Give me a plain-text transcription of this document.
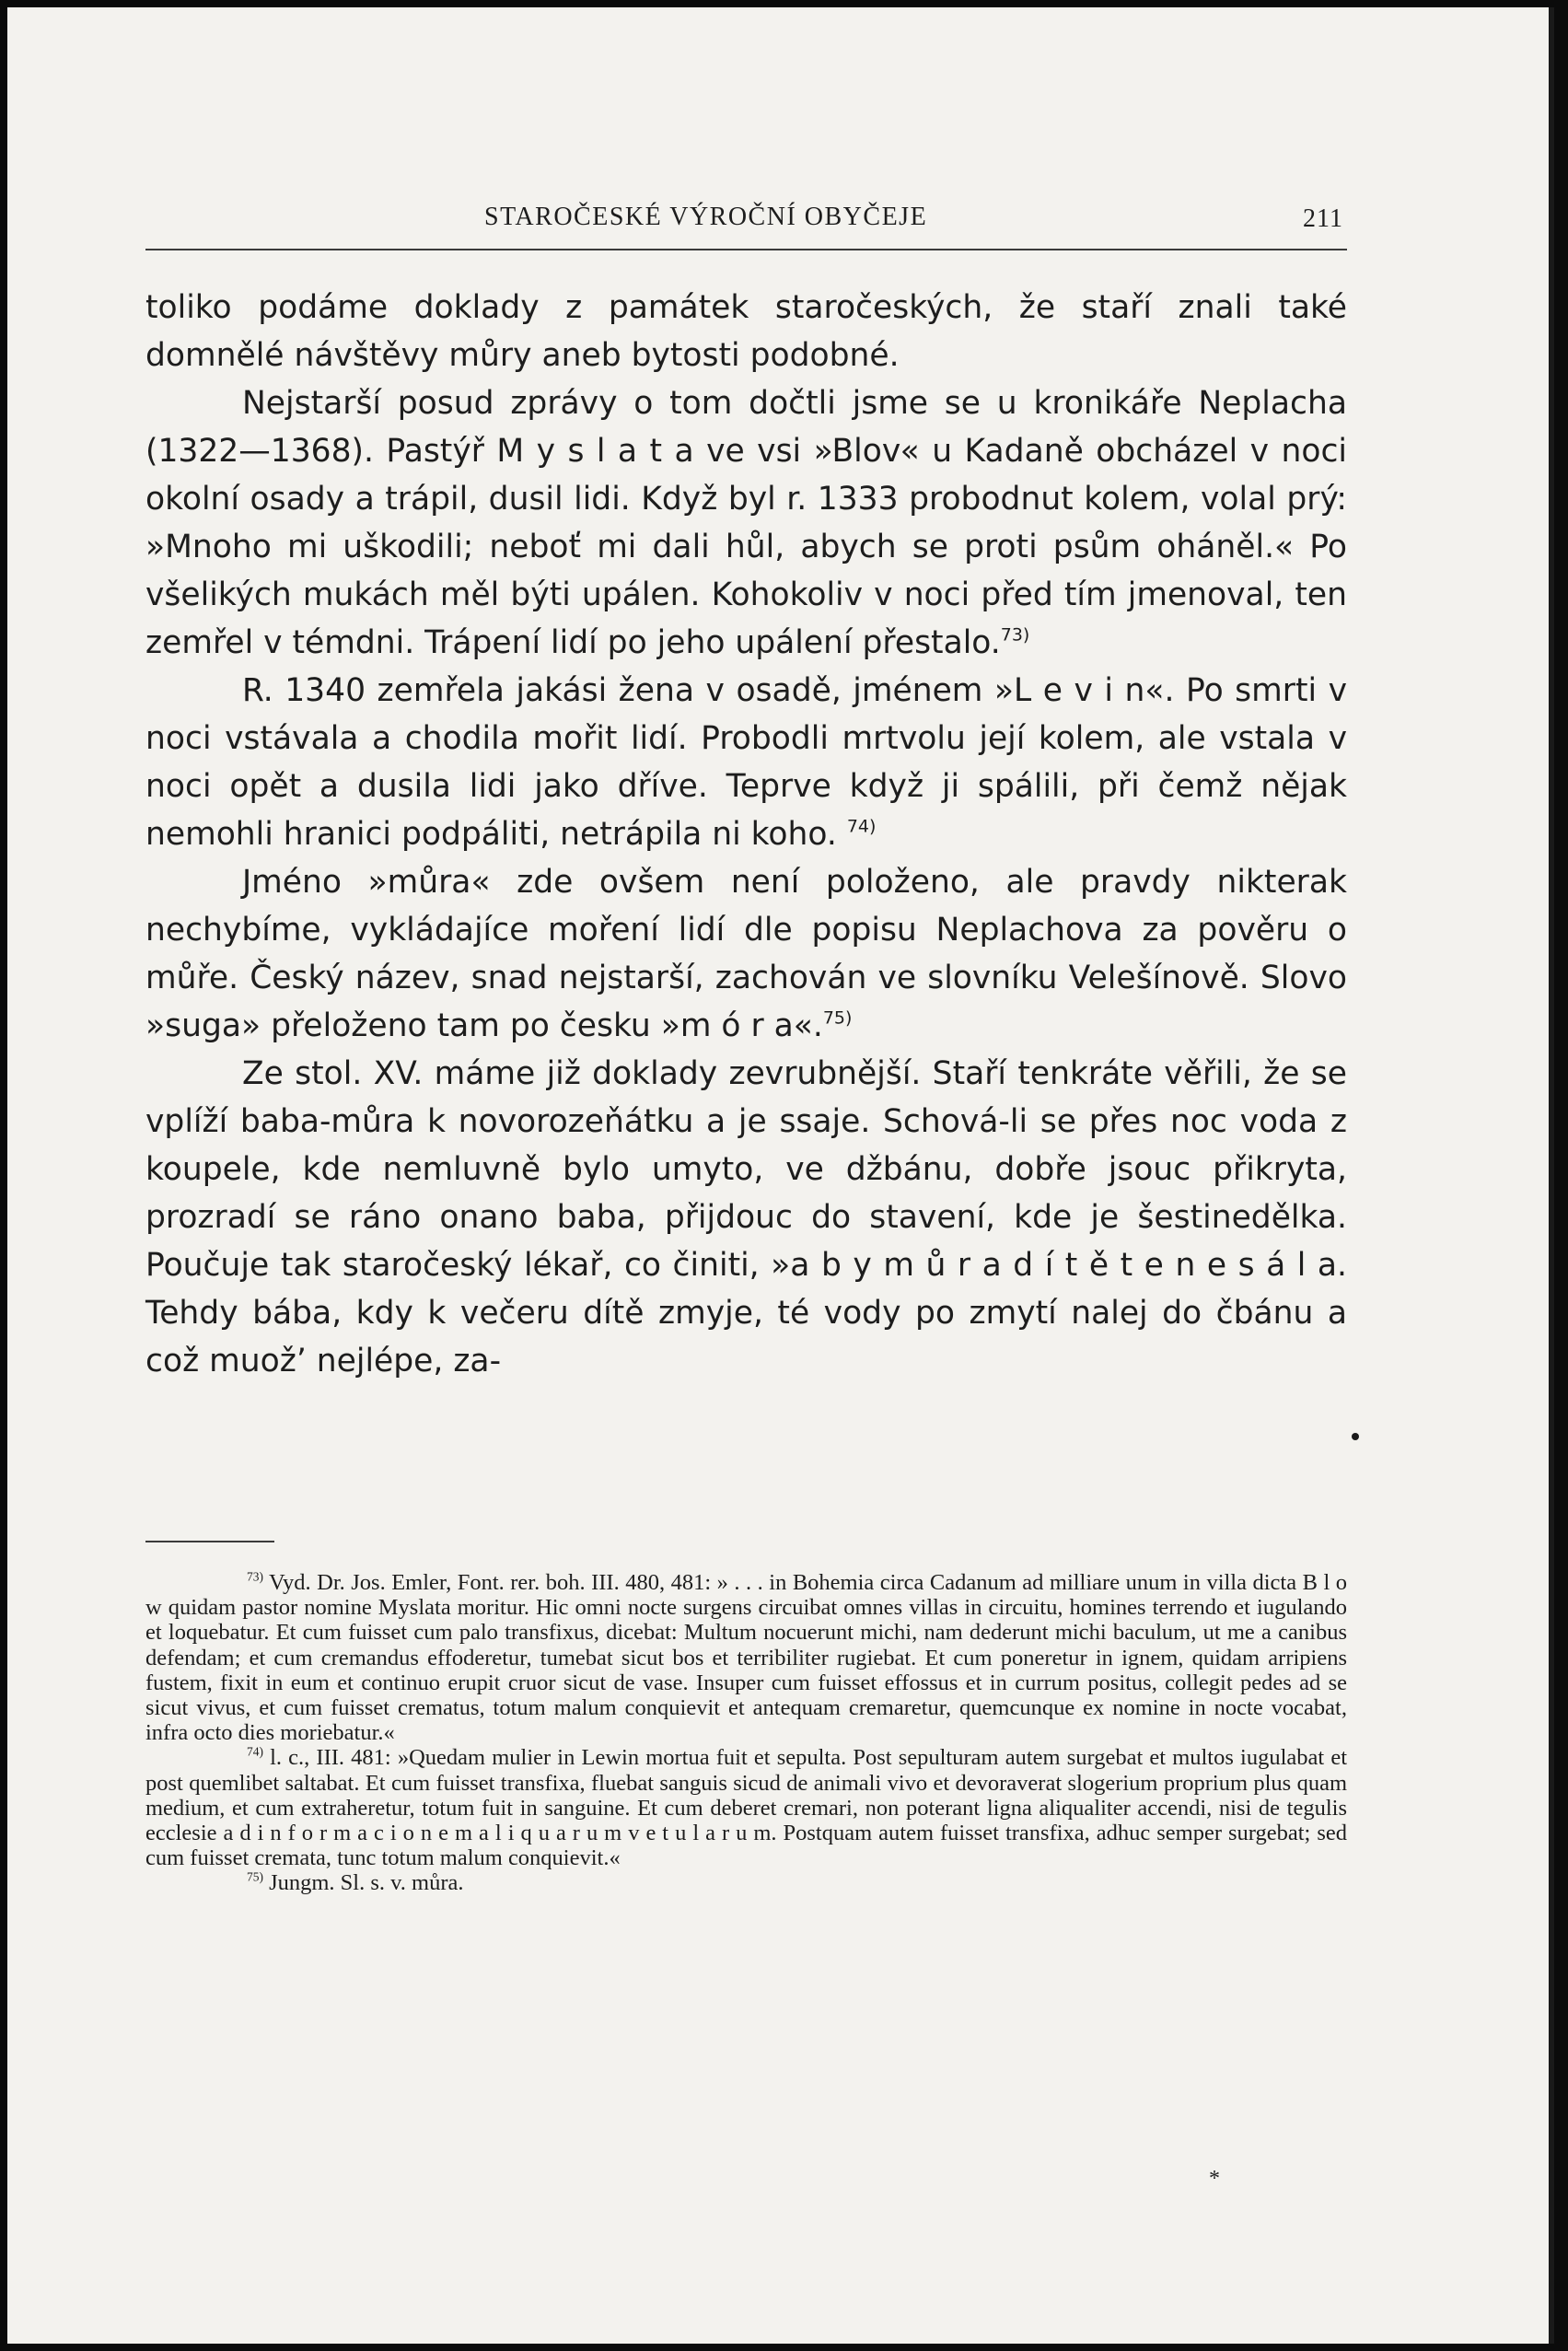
STAROČESKÉ VÝROČNÍ OBYČEJE	211

toliko podáme doklady z památek staročeských, že staří znali také domnělé návštěvy můry aneb bytosti podobné.

Nejstarší posud zprávy o tom dočtli jsme se u kronikáře Neplacha (1322—1368). Pastýř M y s l a t a ve vsi »Blov« u Kadaně obcházel v noci okolní osady a trápil, dusil lidi. Když byl r. 1333 probodnut kolem, volal prý: »Mnoho mi uškodili; neboť mi dali hůl, abych se proti psům oháněl.« Po všelikých mukách měl býti upálen. Kohokoliv v noci před tím jmenoval, ten zemřel v témdni. Trápení lidí po jeho upálení přestalo.$^{73)}$

R. 1340 zemřela jakási žena v osadě, jménem »L e v i n«. Po smrti v noci vstávala a chodila mořit lidí. Probodli mrtvolu její kolem, ale vstala v noci opět a dusila lidi jako dříve. Teprve když ji spálili, při čemž nějak nemohli hranici podpáliti, netrápila ni koho. $^{74)}$

Jméno »můra« zde ovšem není položeno, ale pravdy nikterak nechybíme, vykládajíce moření lidí dle popisu Neplachova za pověru o můře. Český název, snad nejstarší, zachován ve slovníku Velešínově. Slovo »suga» přeloženo tam po česku »m ó r a«.$^{75)}$

Ze stol. XV. máme již doklady zevrubnější. Staří tenkráte věřili, že se vplíží baba-můra k novorozeňátku a je ssaje. Schová-li se přes noc voda z koupele, kde nemluvně bylo umyto, ve džbánu, dobře jsouc přikryta, prozradí se ráno onano baba, přijdouc do stavení, kde je šestinedělka. Poučuje tak staročeský lékař, co činiti, »a b y m ů r a d í t ě t e n e s á l a. Tehdy bába, kdy k večeru dítě zmyje, té vody po zmytí nalej do čbánu a což muož’ nejlépe, za-

$^{73)}$ Vyd. Dr. Jos. Emler, Font. rer. boh. III. 480, 481: » . . . in Bohemia circa Cadanum ad milliare unum in villa dicta B l o w quidam pastor nomine Myslata moritur. Hic omni nocte surgens circuibat omnes villas in circuitu, homines terrendo et iugulando et loquebatur. Et cum fuisset cum palo transfixus, dicebat: Multum nocuerunt michi, nam dederunt michi baculum, ut me a canibus defendam; et cum cremandus effoderetur, tumebat sicut bos et terribiliter rugiebat. Et cum poneretur in ignem, quidam arripiens fustem, fixit in eum et continuo erupit cruor sicut de vase. Insuper cum fuisset effossus et in currum positus, collegit pedes ad se sicut vivus, et cum fuisset crematus, totum malum conquievit et antequam cremaretur, quemcunque ex nomine in nocte vocabat, infra octo dies moriebatur.«

$^{74)}$ l. c., III. 481: »Quedam mulier in Lewin mortua fuit et sepulta. Post sepulturam autem surgebat et multos iugulabat et post quemlibet saltabat. Et cum fuisset transfixa, fluebat sanguis sicud de animali vivo et devoraverat slogerium proprium plus quam medium, et cum extraheretur, totum fuit in sanguine. Et cum deberet cremari, non poterant ligna aliqualiter accendi, nisi de tegulis ecclesie a d i n f o r m a c i o n e m a l i q u a r u m v e t u l a r u m. Postquam autem fuisset transfixa, adhuc semper surgebat; sed cum fuisset cremata, tunc totum malum conquievit.«

$^{75)}$ Jungm. Sl. s. v. můra.

*
